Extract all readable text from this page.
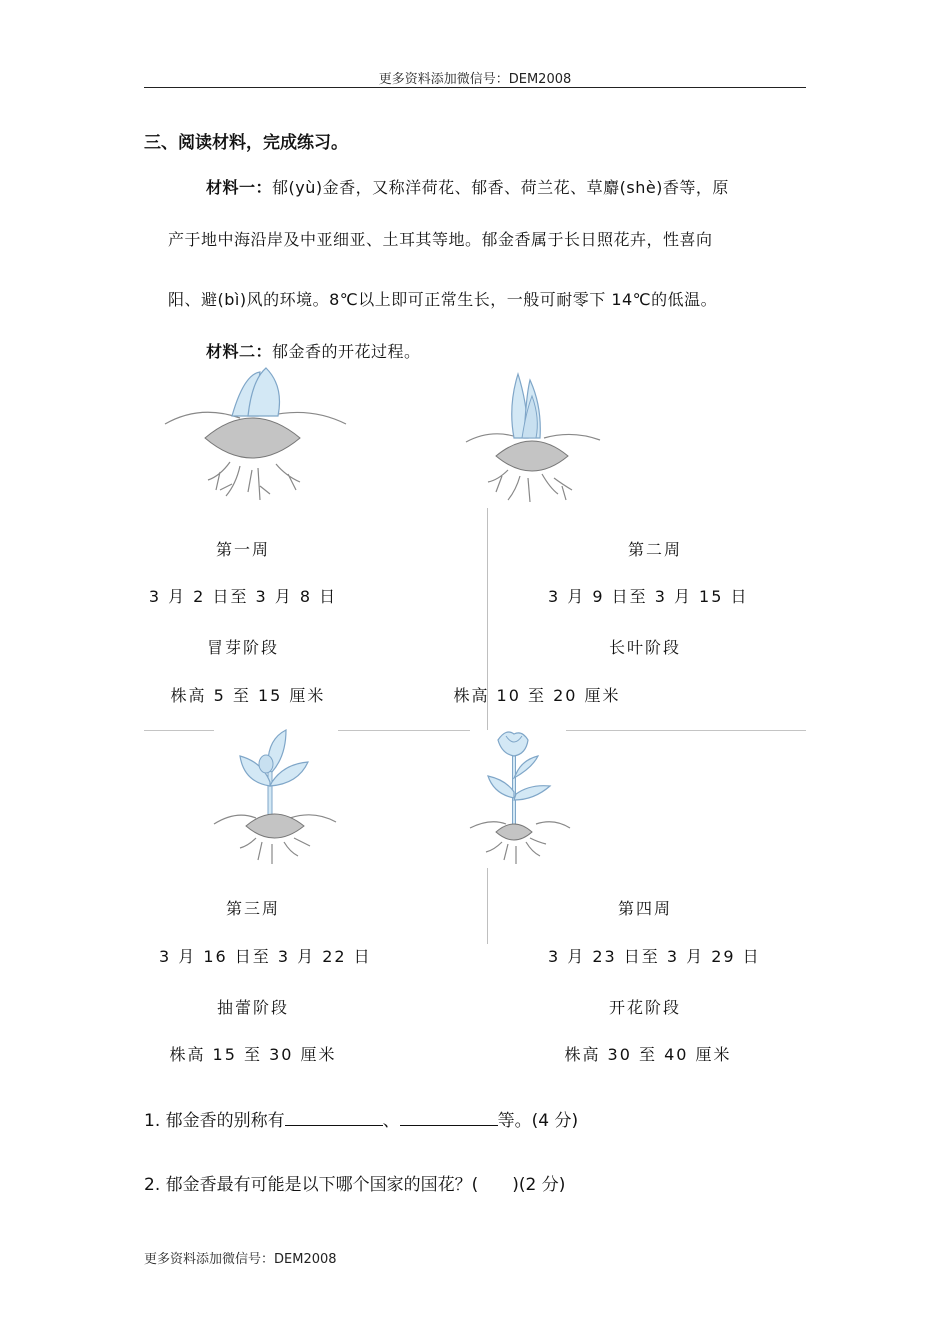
更多资料添加微信号：DEM2008
三、阅读材料，完成练习。
材料一：郁(yù)金香，又称洋荷花、郁香、荷兰花、草麝(shè)香等，原
产于地中海沿岸及中亚细亚、土耳其等地。郁金香属于长日照花卉，性喜向
阳、避(bì)风的环境。8℃以上即可正常生长，一般可耐零下 14℃的低温。
材料二：郁金香的开花过程。
第一周
3 月 2 日至 3 月 8 日
冒芽阶段
株高 5 至 15 厘米
第二周
3 月 9 日至 3 月 15 日
长叶阶段
株高 10 至 20 厘米
第三周
3 月 16 日至 3 月 22 日
抽蕾阶段
株高 15 至 30 厘米
第四周
3 月 23 日至 3 月 29 日
开花阶段
株高 30 至 40 厘米
1. 郁金香的别称有	、	等。(4 分)
2. 郁金香最有可能是以下哪个国家的国花？(　　)(2 分)
更多资料添加微信号：DEM2008
